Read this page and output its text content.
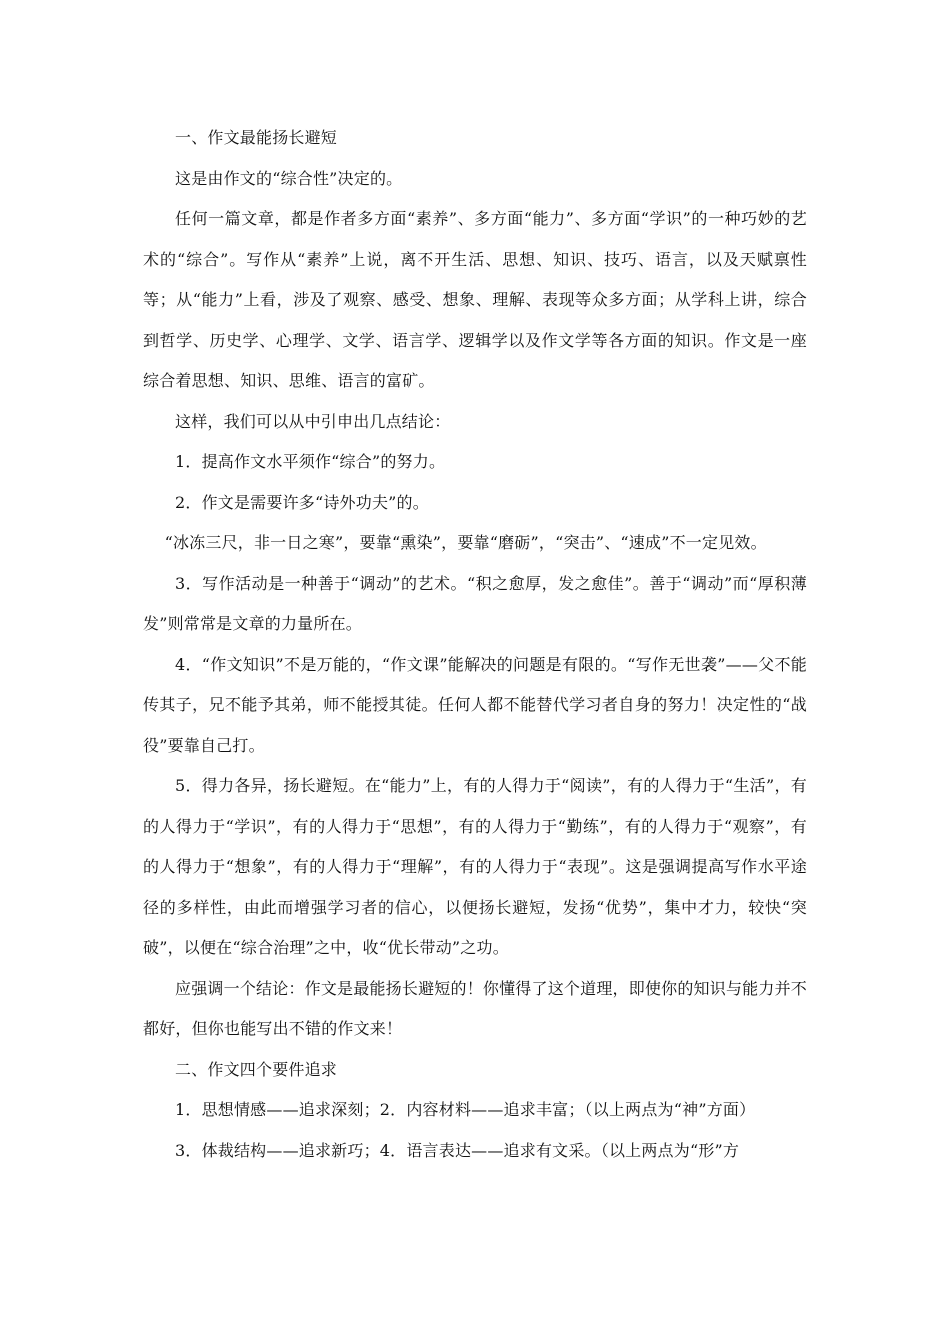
一、作文最能扬长避短

这是由作文的“综合性”决定的。

任何一篇文章，都是作者多方面“素养”、多方面“能力”、多方面“学识”的一种巧妙的艺术的“综合”。写作从“素养”上说，离不开生活、思想、知识、技巧、语言，以及天赋禀性等；从“能力”上看，涉及了观察、感受、想象、理解、表现等众多方面；从学科上讲，综合到哲学、历史学、心理学、文学、语言学、逻辑学以及作文学等各方面的知识。作文是一座综合着思想、知识、思维、语言的富矿。

这样，我们可以从中引申出几点结论：

1．提高作文水平须作“综合”的努力。

2．作文是需要许多“诗外功夫”的。

“冰冻三尺，非一日之寒”，要靠“熏染”，要靠“磨砺”，“突击”、“速成”不一定见效。

3．写作活动是一种善于“调动”的艺术。“积之愈厚，发之愈佳”。善于“调动”而“厚积薄发”则常常是文章的力量所在。

4．“作文知识”不是万能的，“作文课”能解决的问题是有限的。“写作无世袭”——父不能传其子，兄不能予其弟，师不能授其徒。任何人都不能替代学习者自身的努力！决定性的“战役”要靠自己打。

5．得力各异，扬长避短。在“能力”上，有的人得力于“阅读”，有的人得力于“生活”，有的人得力于“学识”，有的人得力于“思想”，有的人得力于“勤练”，有的人得力于“观察”，有的人得力于“想象”，有的人得力于“理解”，有的人得力于“表现”。这是强调提高写作水平途径的多样性，由此而增强学习者的信心，以便扬长避短，发扬“优势”，集中才力，较快“突破”，以便在“综合治理”之中，收“优长带动”之功。

应强调一个结论：作文是最能扬长避短的！你懂得了这个道理，即使你的知识与能力并不都好，但你也能写出不错的作文来！

二、作文四个要件追求

1．思想情感——追求深刻；2．内容材料——追求丰富；（以上两点为“神”方面）

3．体裁结构——追求新巧；4．语言表达——追求有文采。（以上两点为“形”方
